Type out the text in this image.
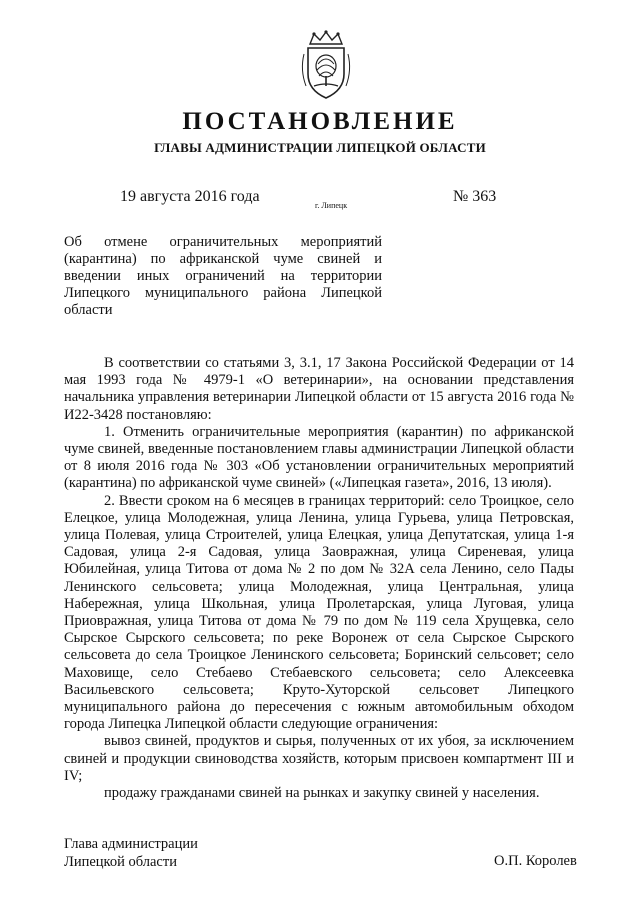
ПОСТАНОВЛЕНИЕ
ГЛАВЫ АДМИНИСТРАЦИИ ЛИПЕЦКОЙ ОБЛАСТИ
19 августа 2016 года
г. Липецк
№ 363
Об отмене ограничительных мероприятий (карантина) по африканской чуме свиней и введении иных ограничений на территории Липецкого муниципального района Липецкой области

В соответствии со статьями 3, 3.1, 17 Закона Российской Федерации от 14 мая 1993 года № 4979-1 «О ветеринарии», на основании представления начальника управления ветеринарии Липецкой области от 15 августа 2016 года № И22-3428 постановляю:

1. Отменить ограничительные мероприятия (карантин) по африканской чуме свиней, введенные постановлением главы администрации Липецкой области от 8 июля 2016 года № 303 «Об установлении ограничительных мероприятий (карантина) по африканской чуме свиней» («Липецкая газета», 2016, 13 июля).

2. Ввести сроком на 6 месяцев в границах территорий: село Троицкое, село Елецкое, улица Молодежная, улица Ленина, улица Гурьева, улица Петровская, улица Полевая, улица Строителей, улица Елецкая, улица Депутатская, улица 1-я Садовая, улица 2-я Садовая, улица Заовражная, улица Сиреневая, улица Юбилейная, улица Титова от дома № 2 по дом № 32А села Ленино, село Пады Ленинского сельсовета; улица Молодежная, улица Центральная, улица Набережная, улица Школьная, улица Пролетарская, улица Луговая, улица Приовражная, улица Титова от дома № 79 по дом № 119 села Хрущевка, село Сырское Сырского сельсовета; по реке Воронеж от села Сырское Сырского сельсовета до села Троицкое Ленинского сельсовета; Боринский сельсовет; село Маховище, село Стебаево Стебаевского сельсовета; село Алексеевка Васильевского сельсовета; Круто-Хуторской сельсовет Липецкого муниципального района до пересечения с южным автомобильным обходом города Липецка Липецкой области следующие ограничения:

вывоз свиней, продуктов и сырья, полученных от их убоя, за исключением свиней и продукции свиноводства хозяйств, которым присвоен компартмент III и IV;

продажу гражданами свиней на рынках и закупку свиней у населения.

Глава администрации
Липецкой области	О.П. Королев
